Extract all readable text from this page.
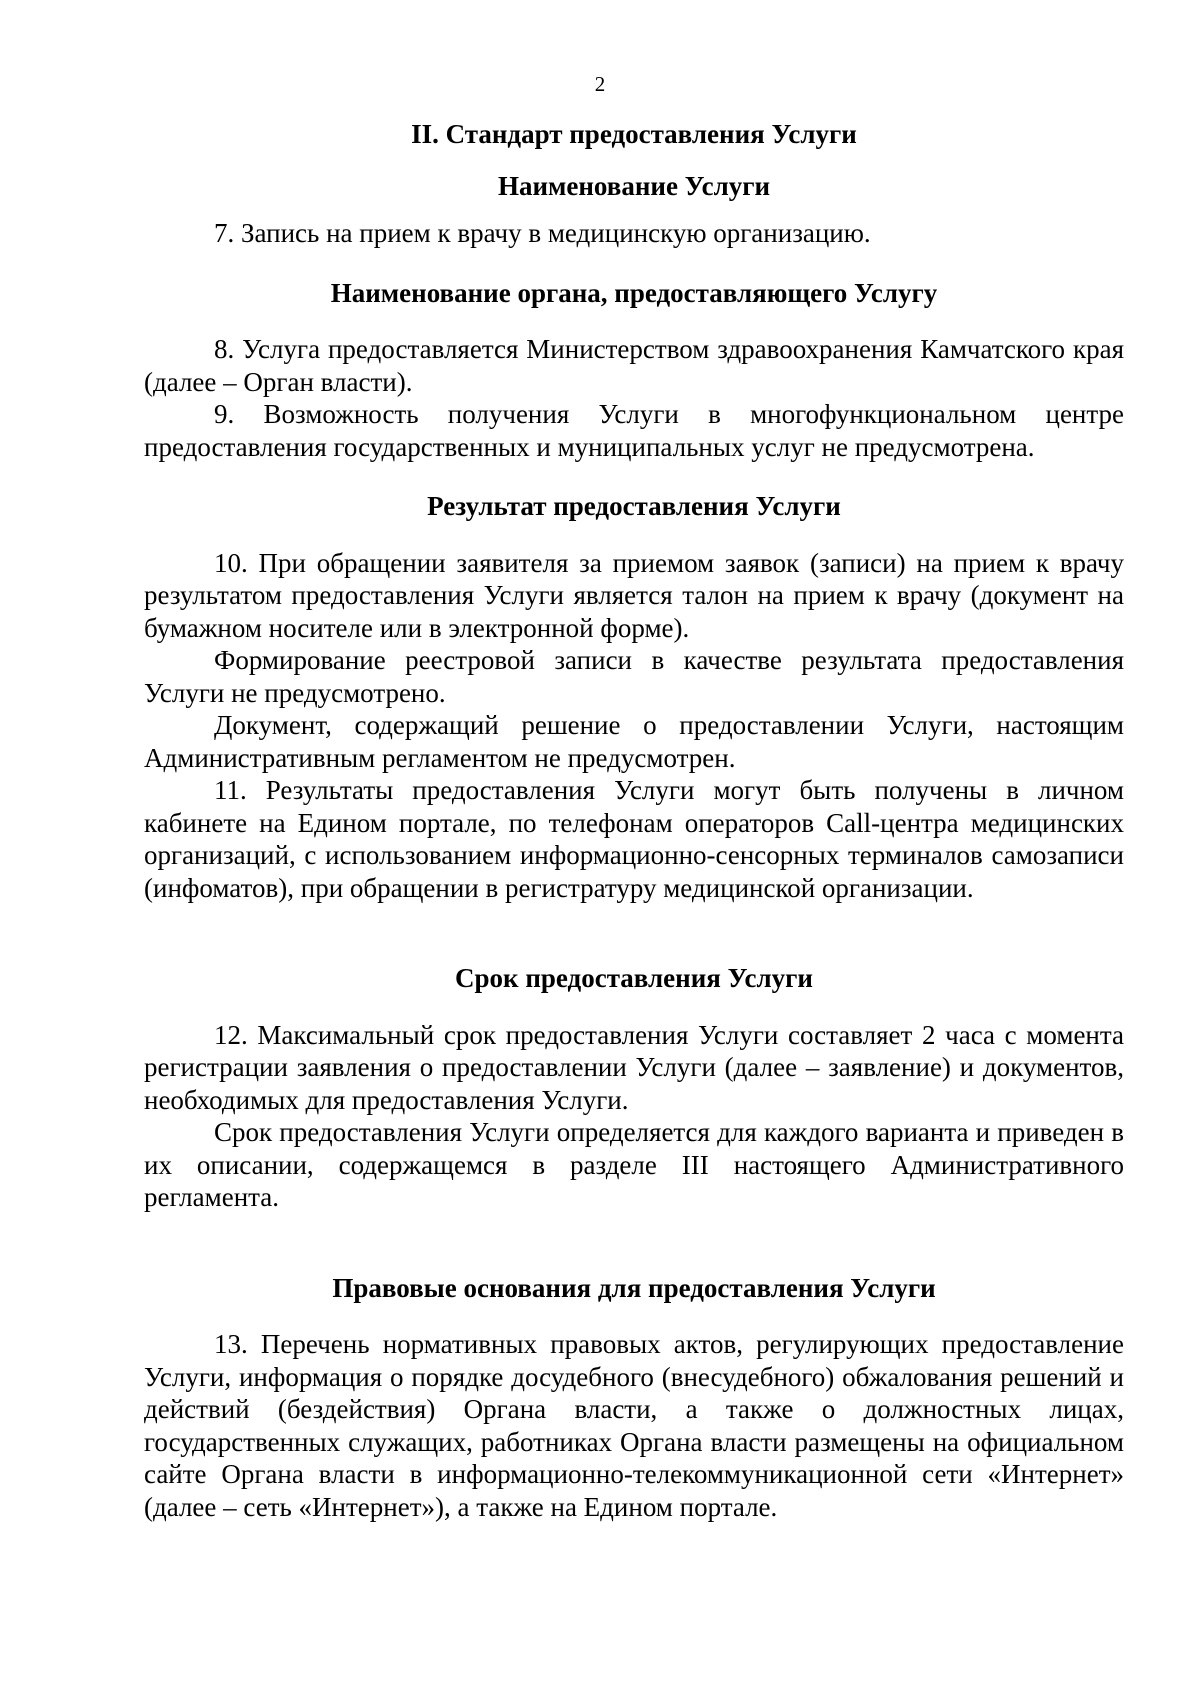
2
II. Стандарт предоставления Услуги
Наименование Услуги

7. Запись на прием к врачу в медицинскую организацию.

Наименование органа, предоставляющего Услугу

8. Услуга предоставляется Министерством здравоохранения Камчатского края (далее – Орган власти).

9. Возможность получения Услуги в многофункциональном центре предоставления государственных и муниципальных услуг не предусмотрена.

Результат предоставления Услуги

10. При обращении заявителя за приемом заявок (записи) на прием к врачу результатом предоставления Услуги является талон на прием к врачу (документ на бумажном носителе или в электронной форме).

Формирование реестровой записи в качестве результата предоставления Услуги не предусмотрено.

Документ, содержащий решение о предоставлении Услуги, настоящим Административным регламентом не предусмотрен.

11. Результаты предоставления Услуги могут быть получены в личном кабинете на Едином портале, по телефонам операторов Call-центра медицинских организаций, с использованием информационно-сенсорных терминалов самозаписи (инфоматов), при обращении в регистратуру медицинской организации.

Срок предоставления Услуги

12. Максимальный срок предоставления Услуги составляет 2 часа с момента регистрации заявления о предоставлении Услуги (далее – заявление) и документов, необходимых для предоставления Услуги.

Срок предоставления Услуги определяется для каждого варианта и приведен в их описании, содержащемся в разделе III настоящего Административного регламента.

Правовые основания для предоставления Услуги

13. Перечень нормативных правовых актов, регулирующих предоставление Услуги, информация о порядке досудебного (внесудебного) обжалования решений и действий (бездействия) Органа власти, а также о должностных лицах, государственных служащих, работниках Органа власти размещены на официальном сайте Органа власти в информационно-телекоммуникационной сети «Интернет» (далее – сеть «Интернет»), а также на Едином портале.
